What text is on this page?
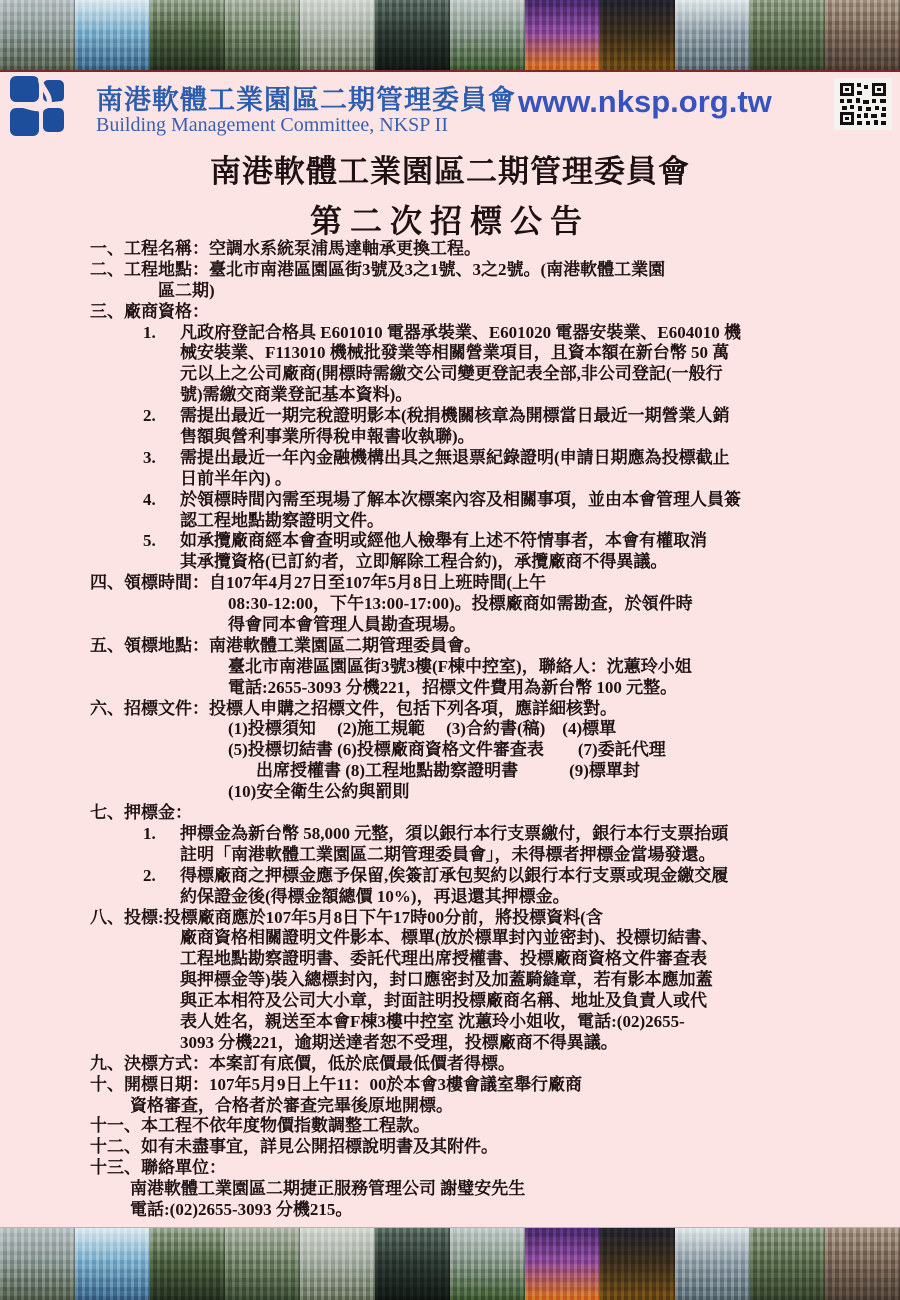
南港軟體工業園區二期管理委員會
Building Management Committee, NKSP II
www.nksp.org.tw
南港軟體工業園區二期管理委員會
第二次招標公告
一、工程名稱：空調水系統泵浦馬達軸承更換工程。
二、工程地點：臺北市南港區園區街3號及3之1號、3之2號。(南港軟體工業園
區二期)
三、廠商資格：
1. 凡政府登記合格具 E601010 電器承裝業、E601020 電器安裝業、E604010 機
械安裝業、F113010 機械批發業等相關營業項目，且資本額在新台幣 50 萬
元以上之公司廠商(開標時需繳交公司變更登記表全部,非公司登記(一般行
號)需繳交商業登記基本資料)。
2. 需提出最近一期完稅證明影本(稅捐機關核章為開標當日最近一期營業人銷
售額與營利事業所得稅申報書收執聯)。
3. 需提出最近一年內金融機構出具之無退票紀錄證明(申請日期應為投標截止
日前半年內) 。
4. 於領標時間內需至現場了解本次標案內容及相關事項，並由本會管理人員簽
認工程地點勘察證明文件。
5. 如承攬廠商經本會查明或經他人檢舉有上述不符情事者，本會有權取消
其承攬資格(已訂約者，立即解除工程合約)，承攬廠商不得異議。
四、領標時間：自107年4月27日至107年5月8日上班時間(上午
08:30-12:00，下午13:00-17:00)。投標廠商如需勘查，於領件時
得會同本會管理人員勘查現場。
五、領標地點：南港軟體工業園區二期管理委員會。
臺北市南港區園區街3號3樓(F棟中控室)，聯絡人：沈蕙玲小姐
電話:2655-3093 分機221，招標文件費用為新台幣 100 元整。
六、招標文件：投標人申購之招標文件，包括下列各項，應詳細核對。
(1)投標須知　 (2)施工規範　 (3)合約書(稿)　(4)標單
(5)投標切結書 (6)投標廠商資格文件審查表　　(7)委託代理
出席授權書 (8)工程地點勘察證明書　　　(9)標單封
(10)安全衛生公約與罰則
七、押標金：
1. 押標金為新台幣 58,000 元整，須以銀行本行支票繳付，銀行本行支票抬頭
註明「南港軟體工業園區二期管理委員會」，未得標者押標金當場發還。
2. 得標廠商之押標金應予保留,俟簽訂承包契約以銀行本行支票或現金繳交履
約保證金後(得標金額總價 10%)，再退還其押標金。
八、投標:投標廠商應於107年5月8日下午17時00分前，將投標資料(含
廠商資格相關證明文件影本、標單(放於標單封內並密封)、投標切結書、
工程地點勘察證明書、委託代理出席授權書、投標廠商資格文件審查表
與押標金等)裝入總標封內，封口應密封及加蓋騎縫章，若有影本應加蓋
與正本相符及公司大小章，封面註明投標廠商名稱、地址及負責人或代
表人姓名，親送至本會F棟3樓中控室 沈蕙玲小姐收，電話:(02)2655-
3093 分機221，逾期送達者恕不受理，投標廠商不得異議。
九、決標方式：本案訂有底價，低於底價最低價者得標。
十、開標日期：107年5月9日上午11：00於本會3樓會議室舉行廠商
資格審查，合格者於審查完畢後原地開標。
十一、本工程不依年度物價指數調整工程款。
十二、如有未盡事宜，詳見公開招標說明書及其附件。
十三、聯絡單位：
南港軟體工業園區二期捷正服務管理公司 謝璧安先生
電話:(02)2655-3093 分機215。
